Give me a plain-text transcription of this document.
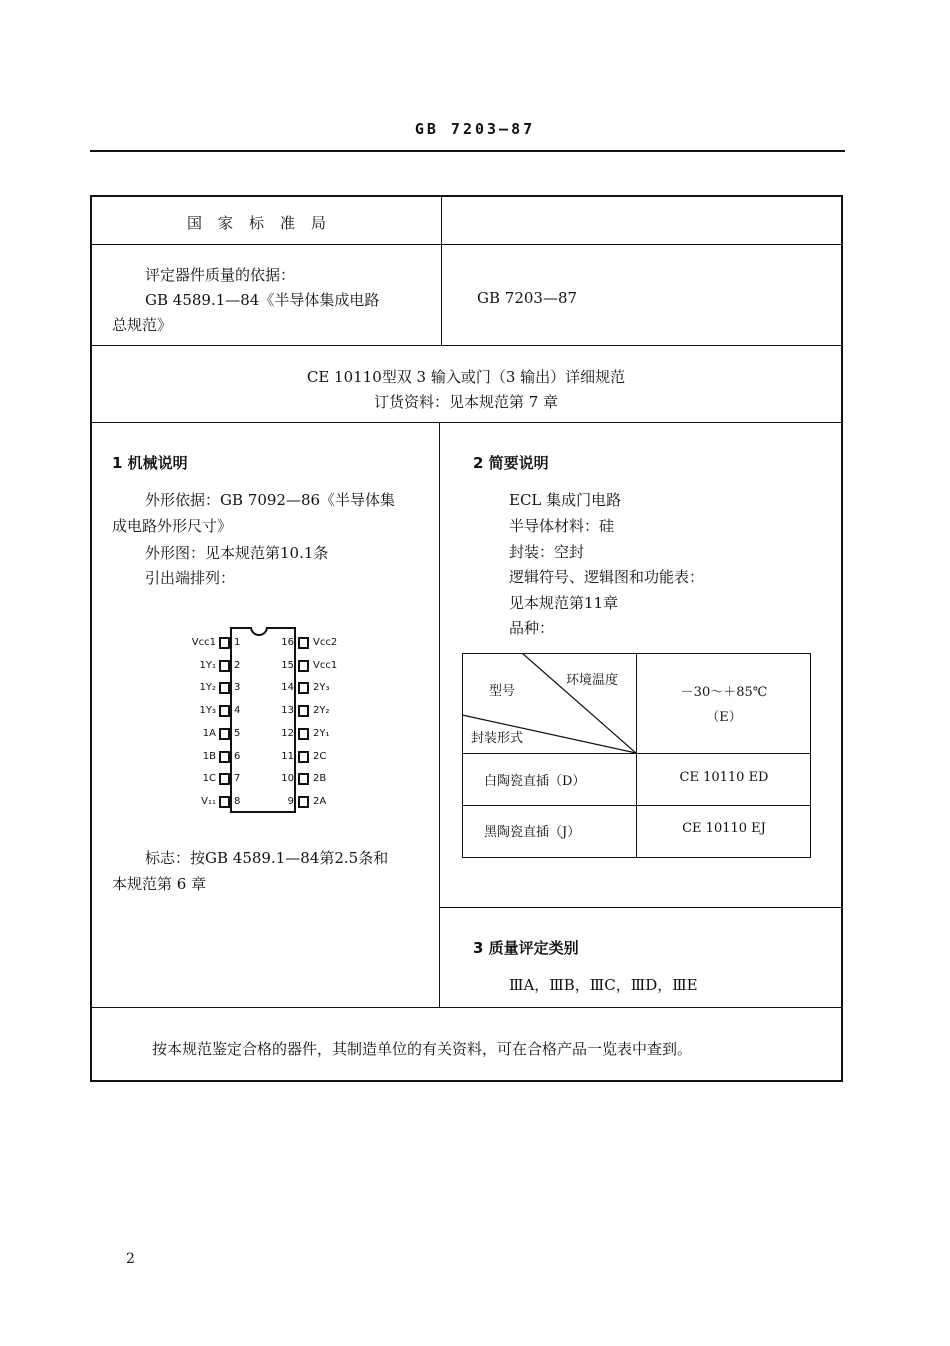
GB 7203—87
国家标准局
评定器件质量的依据：
GB 4589.1—84《半导体集成电路
总规范》
GB 7203—87
CE 10110型双 3 输入或门（3 输出）详细规范
订货资料：见本规范第 7 章
1 机械说明
外形依据：GB 7092—86《半导体集
成电路外形尺寸》
外形图：见本规范第10.1条
引出端排列：
1
Vcc1
2
1Y₁
3
1Y₂
4
1Y₃
5
1A
6
1B
7
1C
8
V₁₁
16 Vcc2
15 Vcc1
14 2Y₃
13 2Y₂
12 2Y₁
11 2C
10 2B
9 2A
标志：按GB 4589.1—84第2.5条和
本规范第 6 章
2 简要说明
ECL 集成门电路
半导体材料：硅
封装：空封
逻辑符号、逻辑图和功能表：
见本规范第11章
品种：
环境温度
型号
封装形式
－30～＋85℃
（E）
白陶瓷直插（D）	CE 10110 ED
黑陶瓷直插（J）	CE 10110 EJ
3 质量评定类别
ⅢA，ⅢB，ⅢC，ⅢD，ⅢE
按本规范鉴定合格的器件，其制造单位的有关资料，可在合格产品一览表中查到。
2
